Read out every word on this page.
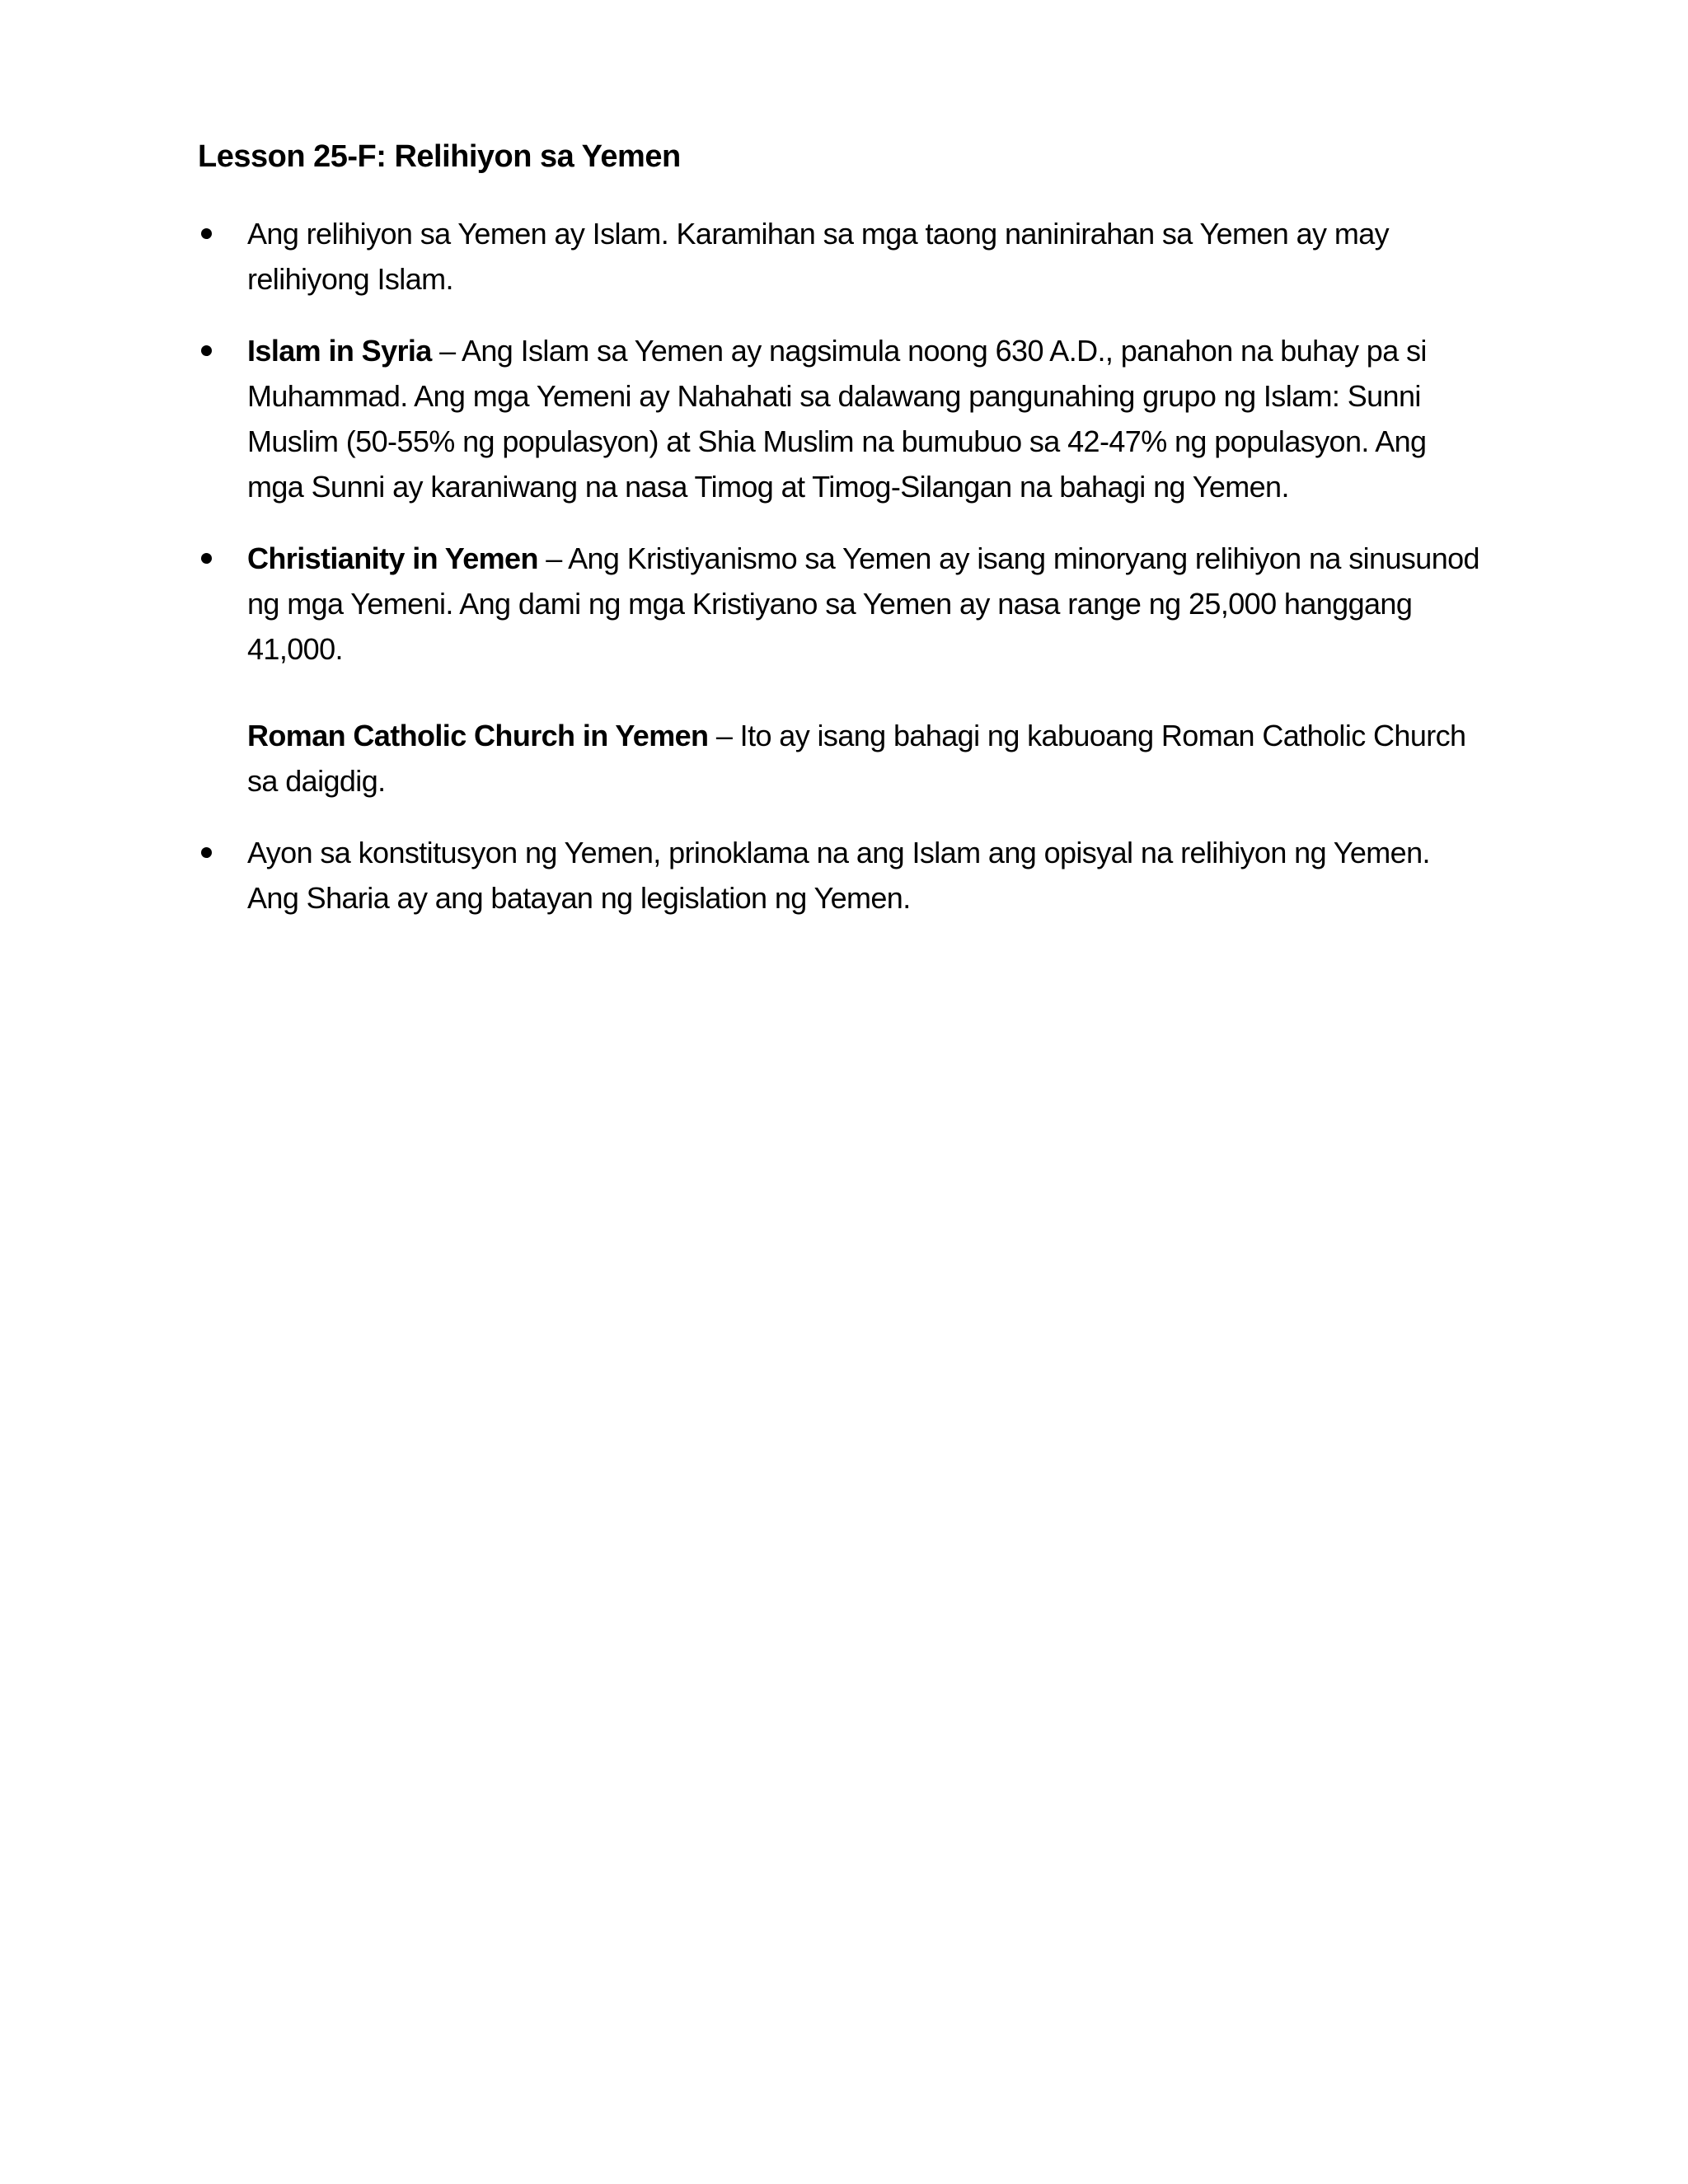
Lesson 25-F: Relihiyon sa Yemen

Ang relihiyon sa Yemen ay Islam. Karamihan sa mga taong naninirahan sa Yemen ay may relihiyong Islam.

Islam in Syria – Ang Islam sa Yemen ay nagsimula noong 630 A.D., panahon na buhay pa si Muhammad. Ang mga Yemeni ay Nahahati sa dalawang pangunahing grupo ng Islam: Sunni Muslim (50-55% ng populasyon) at Shia Muslim na bumubuo sa 42-47% ng populasyon. Ang mga Sunni ay karaniwang na nasa Timog at Timog-Silangan na bahagi ng Yemen.

Christianity in Yemen – Ang Kristiyanismo sa Yemen ay isang minoryang relihiyon na sinusunod ng mga Yemeni. Ang dami ng mga Kristiyano sa Yemen ay nasa range ng 25,000 hanggang 41,000.

Roman Catholic Church in Yemen – Ito ay isang bahagi ng kabuoang Roman Catholic Church sa daigdig.

Ayon sa konstitusyon ng Yemen, prinoklama na ang Islam ang opisyal na relihiyon ng Yemen. Ang Sharia ay ang batayan ng legislation ng Yemen.
